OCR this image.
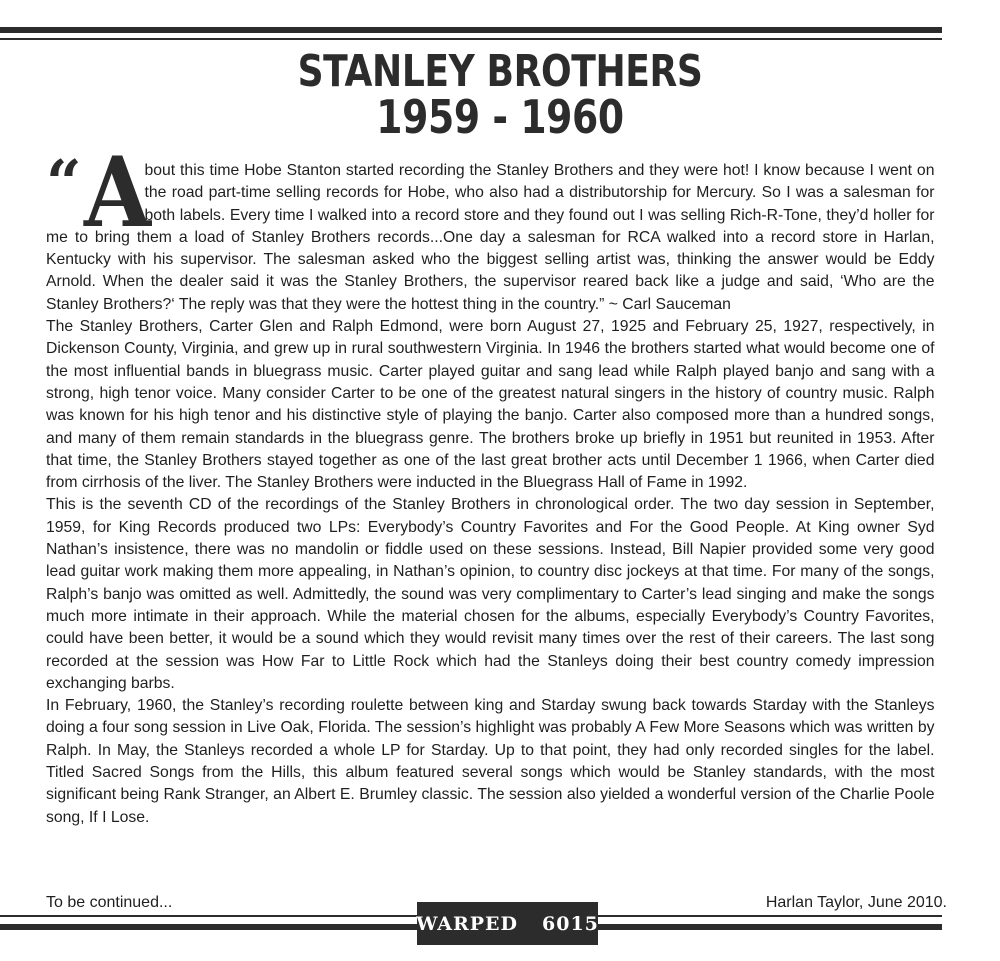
STANLEY BROTHERS
1959 - 1960
“ A

bout this time Hobe Stanton started recording the Stanley Brothers and they were hot! I know because I went on the road part-time selling records for Hobe, who also had a distributorship for Mercury. So I was a salesman for both labels. Every time I walked into a record store and they found out I was selling Rich-R-Tone, they’d holler for me to bring them a load of Stanley Brothers records...One day a salesman for RCA walked into a record store in Harlan, Kentucky with his supervisor. The salesman asked who the biggest selling artist was, thinking the answer would be Eddy Arnold. When the dealer said it was the Stanley Brothers, the supervisor reared back like a judge and said, ‘Who are the Stanley Brothers?‘ The reply was that they were the hottest thing in the country.” ~ Carl Sauceman

The Stanley Brothers, Carter Glen and Ralph Edmond, were born August 27, 1925 and February 25, 1927, respectively, in Dickenson County, Virginia, and grew up in rural southwestern Virginia. In 1946 the brothers started what would become one of the most influential bands in bluegrass music. Carter played guitar and sang lead while Ralph played banjo and sang with a strong, high tenor voice. Many consider Carter to be one of the greatest natural singers in the history of country music. Ralph was known for his high tenor and his distinctive style of playing the banjo. Carter also composed more than a hundred songs, and many of them remain standards in the bluegrass genre. The brothers broke up briefly in 1951 but reunited in 1953. After that time, the Stanley Brothers stayed together as one of the last great brother acts until December 1 1966, when Carter died from cirrhosis of the liver. The Stanley Brothers were inducted in the Bluegrass Hall of Fame in 1992.

This is the seventh CD of the recordings of the Stanley Brothers in chronological order. The two day session in September, 1959, for King Records produced two LPs: Everybody’s Country Favorites and For the Good People. At King owner Syd Nathan’s insistence, there was no mandolin or fiddle used on these sessions. Instead, Bill Napier provided some very good lead guitar work making them more appealing, in Nathan’s opinion, to country disc jockeys at that time. For many of the songs, Ralph’s banjo was omitted as well. Admittedly, the sound was very complimentary to Carter’s lead singing and make the songs much more intimate in their approach. While the material chosen for the albums, especially Everybody’s Country Favorites, could have been better, it would be a sound which they would revisit many times over the rest of their careers. The last song recorded at the session was How Far to Little Rock which had the Stanleys doing their best country comedy impression exchanging barbs.

In February, 1960, the Stanley’s recording roulette between king and Starday swung back towards Starday with the Stanleys doing a four song session in Live Oak, Florida. The session’s highlight was probably A Few More Seasons which was written by Ralph. In May, the Stanleys recorded a whole LP for Starday. Up to that point, they had only recorded singles for the label. Titled Sacred Songs from the Hills, this album featured several songs which would be Stanley standards, with the most significant being Rank Stranger, an Albert E. Brumley classic. The session also yielded a wonderful version of the Charlie Poole song, If I Lose.

To be continued...	Harlan Taylor, June 2010.
WARPED 6015
